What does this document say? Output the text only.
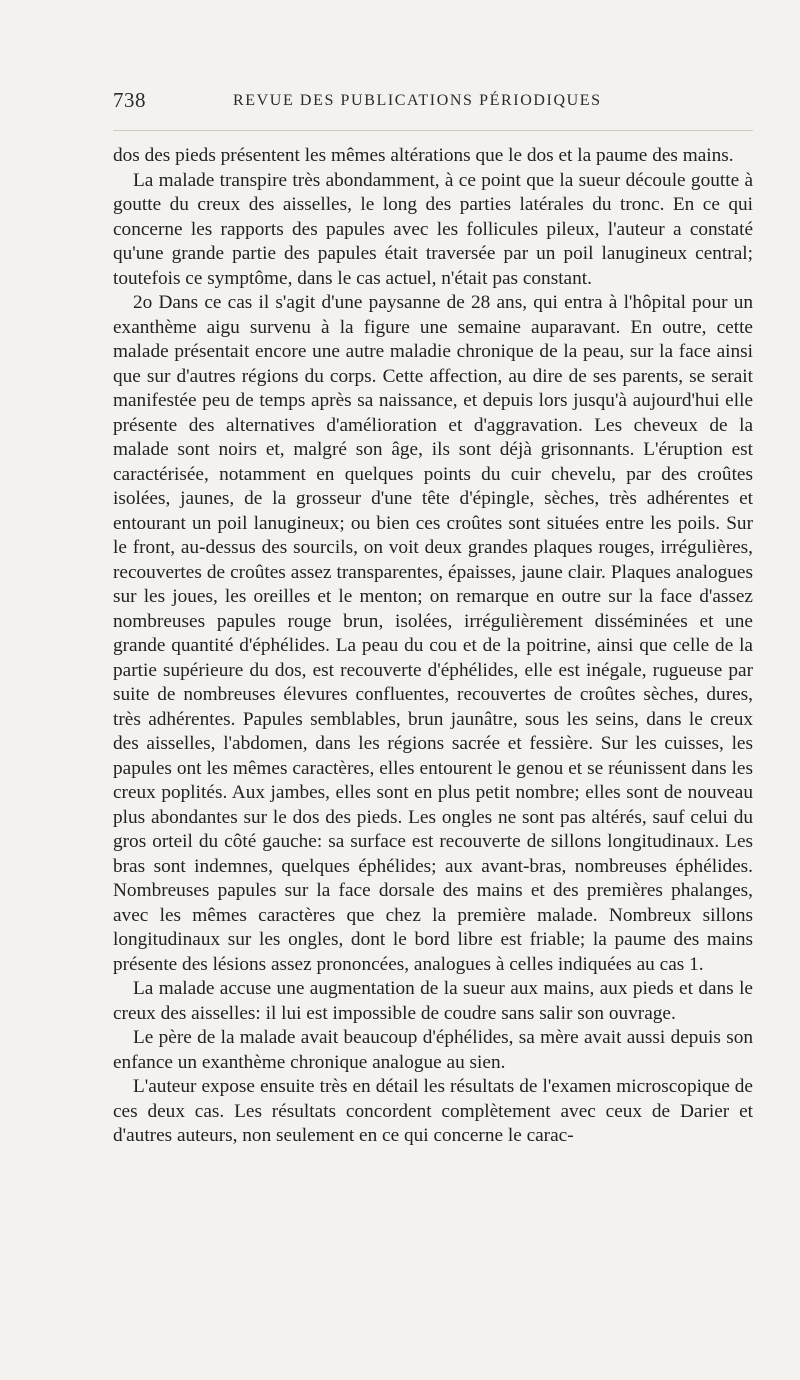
738	REVUE DES PUBLICATIONS PÉRIODIQUES

dos des pieds présentent les mêmes altérations que le dos et la paume des mains.

La malade transpire très abondamment, à ce point que la sueur découle goutte à goutte du creux des aisselles, le long des parties latérales du tronc. En ce qui concerne les rapports des papules avec les follicules pileux, l'auteur a constaté qu'une grande partie des papules était traversée par un poil lanugineux central; toutefois ce symptôme, dans le cas actuel, n'était pas constant.

2o Dans ce cas il s'agit d'une paysanne de 28 ans, qui entra à l'hôpital pour un exanthème aigu survenu à la figure une semaine auparavant. En outre, cette malade présentait encore une autre maladie chronique de la peau, sur la face ainsi que sur d'autres régions du corps. Cette affection, au dire de ses parents, se serait manifestée peu de temps après sa naissance, et depuis lors jusqu'à aujourd'hui elle présente des alternatives d'amélioration et d'aggravation. Les cheveux de la malade sont noirs et, malgré son âge, ils sont déjà grisonnants. L'éruption est caractérisée, notamment en quelques points du cuir chevelu, par des croûtes isolées, jaunes, de la grosseur d'une tête d'épingle, sèches, très adhérentes et entourant un poil lanugineux; ou bien ces croûtes sont situées entre les poils. Sur le front, au-dessus des sourcils, on voit deux grandes plaques rouges, irrégulières, recouvertes de croûtes assez transparentes, épaisses, jaune clair. Plaques analogues sur les joues, les oreilles et le menton; on remarque en outre sur la face d'assez nombreuses papules rouge brun, isolées, irrégulièrement disséminées et une grande quantité d'éphélides. La peau du cou et de la poitrine, ainsi que celle de la partie supérieure du dos, est recouverte d'éphélides, elle est inégale, rugueuse par suite de nombreuses élevures confluentes, recouvertes de croûtes sèches, dures, très adhérentes. Papules semblables, brun jaunâtre, sous les seins, dans le creux des aisselles, l'abdomen, dans les régions sacrée et fessière. Sur les cuisses, les papules ont les mêmes caractères, elles entourent le genou et se réunissent dans les creux poplités. Aux jambes, elles sont en plus petit nombre; elles sont de nouveau plus abondantes sur le dos des pieds. Les ongles ne sont pas altérés, sauf celui du gros orteil du côté gauche: sa surface est recouverte de sillons longitudinaux. Les bras sont indemnes, quelques éphélides; aux avant-bras, nombreuses éphélides. Nombreuses papules sur la face dorsale des mains et des premières phalanges, avec les mêmes caractères que chez la première malade. Nombreux sillons longitudinaux sur les ongles, dont le bord libre est friable; la paume des mains présente des lésions assez prononcées, analogues à celles indiquées au cas 1.

La malade accuse une augmentation de la sueur aux mains, aux pieds et dans le creux des aisselles: il lui est impossible de coudre sans salir son ouvrage.

Le père de la malade avait beaucoup d'éphélides, sa mère avait aussi depuis son enfance un exanthème chronique analogue au sien.

L'auteur expose ensuite très en détail les résultats de l'examen microscopique de ces deux cas. Les résultats concordent complètement avec ceux de Darier et d'autres auteurs, non seulement en ce qui concerne le carac-
